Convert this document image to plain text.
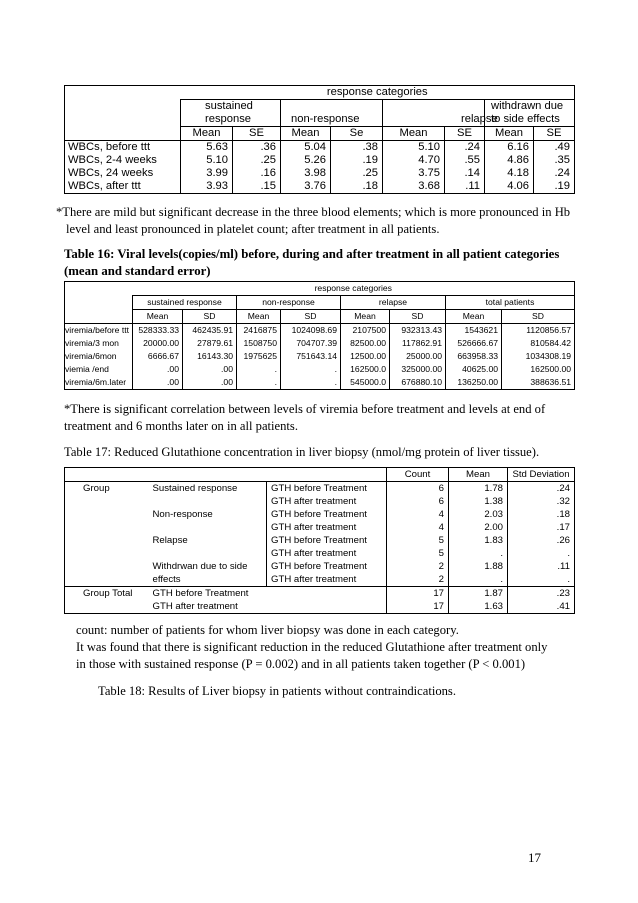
	response categories							
	sustained						withdrawn due	
	response		non-response		relapse		to side effects	
	Mean	SE	Mean	Se	Mean	SE	Mean	SE
WBCs, before ttt	5.63	.36	5.04	.38	5.10	.24	6.16	.49
WBCs, 2-4 weeks	5.10	.25	5.26	.19	4.70	.55	4.86	.35
WBCs, 24 weeks	3.99	.16	3.98	.25	3.75	.14	4.18	.24
WBCs, after ttt	3.93	.15	3.76	.18	3.68	.11	4.06	.19
*There are mild but significant decrease in the three blood elements; which is more pronounced in Hb level and least pronounced in platelet count; after treatment in all patients.
Table 16: Viral levels(copies/ml) before, during and after treatment in all patient categories (mean and standard error)
	response categories							
	sustained response		non-response		relapse		total patients	
	Mean	SD	Mean	SD	Mean	SD	Mean	SD
viremia/before ttt	528333.33	462435.91	2416875	1024098.69	2107500	932313.43	1543621	1120856.57
viremia/3 mon	20000.00	27879.61	1508750	704707.39	82500.00	117862.91	526666.67	810584.42
viremia/6mon	6666.67	16143.30	1975625	751643.14	12500.00	25000.00	663958.33	1034308.19
viemia /end	.00	.00	.	.	162500.0	325000.00	40625.00	162500.00
viremia/6m.later	.00	.00	.	.	545000.0	676880.10	136250.00	388636.51
*There is significant correlation between levels of viremia before treatment and levels at end of treatment and 6 months later on in all patients.
Table 17: Reduced Glutathione concentration in liver biopsy (nmol/mg protein of liver tissue).
			Count	Mean	Std Deviation
Group	Sustained response	GTH before Treatment	6	1.78	.24
		GTH after treatment	6	1.38	.32
	Non-response	GTH before Treatment	4	2.03	.18
		GTH after treatment	4	2.00	.17
	Relapse	GTH before Treatment	5	1.83	.26
		GTH after treatment	5	.	.
	Withdrwan due to side	GTH before Treatment	2	1.88	.11
	effects	GTH after treatment	2	.	.
Group Total	GTH before Treatment		17	1.87	.23
	GTH after treatment		17	1.63	.41
count: number of patients for whom liver biopsy was done in each category.
It was found that there is significant reduction in the reduced Glutathione after treatment only
in those with sustained response (P = 0.002) and in all patients taken together (P < 0.001)
Table 18: Results of Liver biopsy in patients without contraindications.
17
